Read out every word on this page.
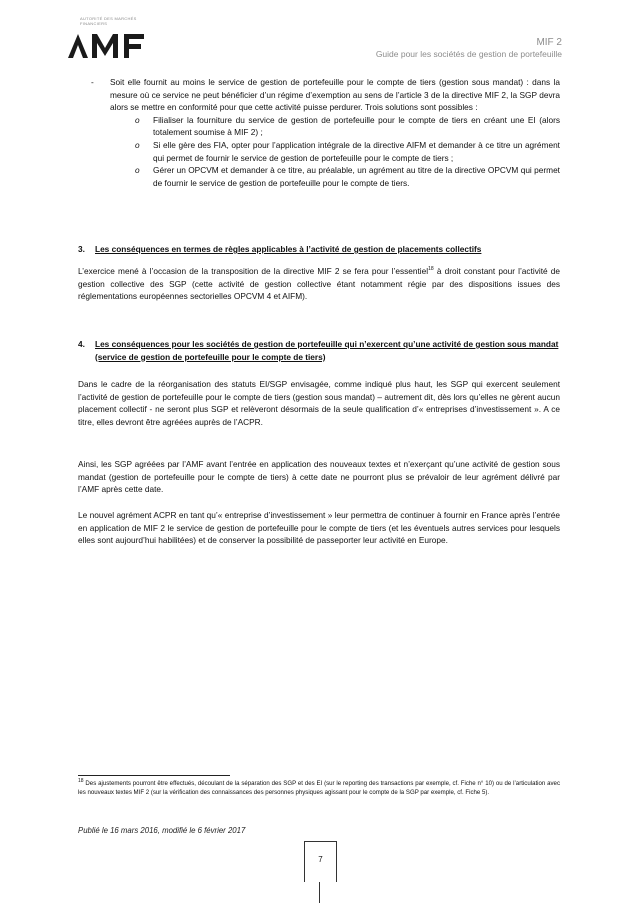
AUTORITÉ DES MARCHÉS FINANCIERS
MIF 2
Guide pour les sociétés de gestion de portefeuille
- Soit elle fournit au moins le service de gestion de portefeuille pour le compte de tiers (gestion sous mandat) : dans la mesure où ce service ne peut bénéficier d’un régime d’exemption au sens de l’article 3 de la directive MIF 2, la SGP devra alors se mettre en conformité pour que cette activité puisse perdurer. Trois solutions sont possibles :

o Filialiser la fourniture du service de gestion de portefeuille pour le compte de tiers en créant une EI (alors totalement soumise à MIF 2) ;

o Si elle gère des FIA, opter pour l’application intégrale de la directive AIFM et demander à ce titre un agrément qui permet de fournir le service de gestion de portefeuille pour le compte de tiers ;

o Gérer un OPCVM et demander à ce titre, au préalable, un agrément au titre de la directive OPCVM qui permet de fournir le service de gestion de portefeuille pour le compte de tiers.

3. Les conséquences en termes de règles applicables à l’activité de gestion de placements collectifs

L’exercice mené à l’occasion de la transposition de la directive MIF 2 se fera pour l’essentiel$^{18}$ à droit constant pour l’activité de gestion collective des SGP (cette activité de gestion collective étant notamment régie par des dispositions issues des réglementations européennes sectorielles OPCVM 4 et AIFM).

4. Les conséquences pour les sociétés de gestion de portefeuille qui n’exercent qu’une activité de gestion sous mandat (service de gestion de portefeuille pour le compte de tiers)

Dans le cadre de la réorganisation des statuts EI/SGP envisagée, comme indiqué plus haut, les SGP qui exercent seulement l’activité de gestion de portefeuille pour le compte de tiers (gestion sous mandat) – autrement dit, dès lors qu’elles ne gèrent aucun placement collectif - ne seront plus SGP et relèveront désormais de la seule qualification d’« entreprises d’investissement ». A ce titre, elles devront être agréées auprès de l’ACPR.

Ainsi, les SGP agréées par l’AMF avant l’entrée en application des nouveaux textes et n’exerçant qu’une activité de gestion sous mandat (gestion de portefeuille pour le compte de tiers) à cette date ne pourront plus se prévaloir de leur agrément délivré par l’AMF après cette date.

Le nouvel agrément ACPR en tant qu’« entreprise d’investissement » leur permettra de continuer à fournir en France après l’entrée en application de MIF 2 le service de gestion de portefeuille pour le compte de tiers (et les éventuels autres services pour lesquels elles sont aujourd’hui habilitées) et de conserver la possibilité de passeporter leur activité en Europe.

$^{18}$ Des ajustements pourront être effectués, découlant de la séparation des SGP et des EI (sur le reporting des transactions par exemple, cf. Fiche n° 10) ou de l’articulation avec les nouveaux textes MIF 2 (sur la vérification des connaissances des personnes physiques agissant pour le compte de la SGP par exemple, cf. Fiche 5).
Publié le 16 mars 2016, modifié le 6 février 2017
7
